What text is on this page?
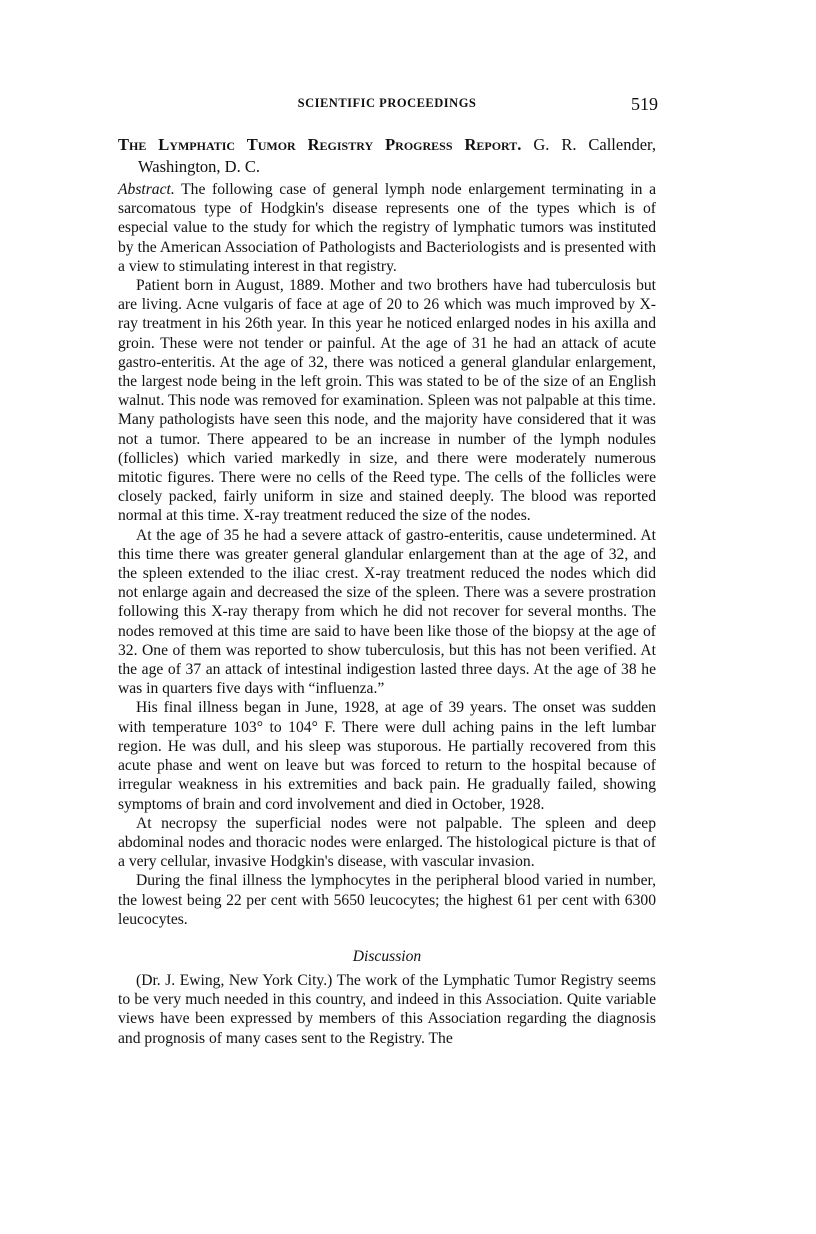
SCIENTIFIC PROCEEDINGS	519
The Lymphatic Tumor Registry Progress Report. G. R. Callender, Washington, D. C.

Abstract. The following case of general lymph node enlargement terminating in a sarcomatous type of Hodgkin's disease represents one of the types which is of especial value to the study for which the registry of lymphatic tumors was instituted by the American Association of Pathologists and Bacteriologists and is presented with a view to stimulating interest in that registry.

Patient born in August, 1889. Mother and two brothers have had tuberculosis but are living. Acne vulgaris of face at age of 20 to 26 which was much improved by X-ray treatment in his 26th year. In this year he noticed enlarged nodes in his axilla and groin. These were not tender or painful. At the age of 31 he had an attack of acute gastro-enteritis. At the age of 32, there was noticed a general glandular enlargement, the largest node being in the left groin. This was stated to be of the size of an English walnut. This node was removed for examination. Spleen was not palpable at this time. Many pathologists have seen this node, and the majority have considered that it was not a tumor. There appeared to be an increase in number of the lymph nodules (follicles) which varied markedly in size, and there were moderately numerous mitotic figures. There were no cells of the Reed type. The cells of the follicles were closely packed, fairly uniform in size and stained deeply. The blood was reported normal at this time. X-ray treatment reduced the size of the nodes.

At the age of 35 he had a severe attack of gastro-enteritis, cause undetermined. At this time there was greater general glandular enlargement than at the age of 32, and the spleen extended to the iliac crest. X-ray treatment reduced the nodes which did not enlarge again and decreased the size of the spleen. There was a severe prostration following this X-ray therapy from which he did not recover for several months. The nodes removed at this time are said to have been like those of the biopsy at the age of 32. One of them was reported to show tuberculosis, but this has not been verified. At the age of 37 an attack of intestinal indigestion lasted three days. At the age of 38 he was in quarters five days with “influenza.”

His final illness began in June, 1928, at age of 39 years. The onset was sudden with temperature 103° to 104° F. There were dull aching pains in the left lumbar region. He was dull, and his sleep was stuporous. He partially recovered from this acute phase and went on leave but was forced to return to the hospital because of irregular weakness in his extremities and back pain. He gradually failed, showing symptoms of brain and cord involvement and died in October, 1928.

At necropsy the superficial nodes were not palpable. The spleen and deep abdominal nodes and thoracic nodes were enlarged. The histological picture is that of a very cellular, invasive Hodgkin's disease, with vascular invasion.

During the final illness the lymphocytes in the peripheral blood varied in number, the lowest being 22 per cent with 5650 leucocytes; the highest 61 per cent with 6300 leucocytes.

Discussion

(Dr. J. Ewing, New York City.) The work of the Lymphatic Tumor Registry seems to be very much needed in this country, and indeed in this Association. Quite variable views have been expressed by members of this Association regarding the diagnosis and prognosis of many cases sent to the Registry. The
